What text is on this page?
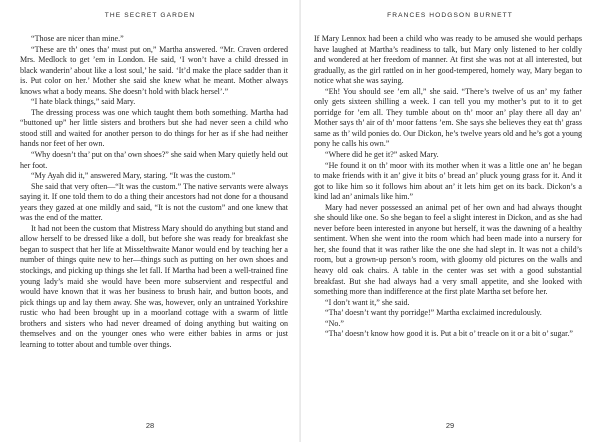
THE SECRET GARDEN

“Those are nicer than mine.”

“These are th’ ones tha’ must put on,” Martha answered. “Mr. Craven ordered Mrs. Medlock to get ’em in London. He said, ‘I won’t have a child dressed in black wanderin’ about like a lost soul,’ he said. ‘It’d make the place sadder than it is. Put color on her.’ Mother she said she knew what he meant. Mother always knows what a body means. She doesn’t hold with black hersel’.”

“I hate black things,” said Mary.

The dressing process was one which taught them both something. Martha had “buttoned up” her little sisters and brothers but she had never seen a child who stood still and waited for another person to do things for her as if she had neither hands nor feet of her own.

“Why doesn’t tha’ put on tha’ own shoes?” she said when Mary quietly held out her foot.

“My Ayah did it,” answered Mary, staring. “It was the custom.”

She said that very often—“It was the custom.” The native servants were always saying it. If one told them to do a thing their ancestors had not done for a thousand years they gazed at one mildly and said, “It is not the custom” and one knew that was the end of the matter.

It had not been the custom that Mistress Mary should do anything but stand and allow herself to be dressed like a doll, but before she was ready for breakfast she began to suspect that her life at Misselthwaite Manor would end by teaching her a number of things quite new to her—things such as putting on her own shoes and stockings, and picking up things she let fall. If Martha had been a well-trained fine young lady’s maid she would have been more subservient and respectful and would have known that it was her business to brush hair, and button boots, and pick things up and lay them away. She was, however, only an untrained Yorkshire rustic who had been brought up in a moorland cottage with a swarm of little brothers and sisters who had never dreamed of doing anything but waiting on themselves and on the younger ones who were either babies in arms or just learning to totter about and tumble over things.

28
FRANCES HODGSON BURNETT

If Mary Lennox had been a child who was ready to be amused she would perhaps have laughed at Martha’s readiness to talk, but Mary only listened to her coldly and wondered at her freedom of manner. At first she was not at all interested, but gradually, as the girl rattled on in her good-tempered, homely way, Mary began to notice what she was saying.

“Eh! You should see ’em all,” she said. “There’s twelve of us an’ my father only gets sixteen shilling a week. I can tell you my mother’s put to it to get porridge for ’em all. They tumble about on th’ moor an’ play there all day an’ Mother says th’ air of th’ moor fattens ’em. She says she believes they eat th’ grass same as th’ wild ponies do. Our Dickon, he’s twelve years old and he’s got a young pony he calls his own.”

“Where did he get it?” asked Mary.

“He found it on th’ moor with its mother when it was a little one an’ he began to make friends with it an’ give it bits o’ bread an’ pluck young grass for it. And it got to like him so it follows him about an’ it lets him get on its back. Dickon’s a kind lad an’ animals like him.”

Mary had never possessed an animal pet of her own and had always thought she should like one. So she began to feel a slight interest in Dickon, and as she had never before been interested in anyone but herself, it was the dawning of a healthy sentiment. When she went into the room which had been made into a nursery for her, she found that it was rather like the one she had slept in. It was not a child’s room, but a grown-up person’s room, with gloomy old pictures on the walls and heavy old oak chairs. A table in the center was set with a good substantial breakfast. But she had always had a very small appetite, and she looked with something more than indifference at the first plate Martha set before her.

“I don’t want it,” she said.

“Tha’ doesn’t want thy porridge!” Martha exclaimed incredulously.

“No.”

“Tha’ doesn’t know how good it is. Put a bit o’ treacle on it or a bit o’ sugar.”

29
